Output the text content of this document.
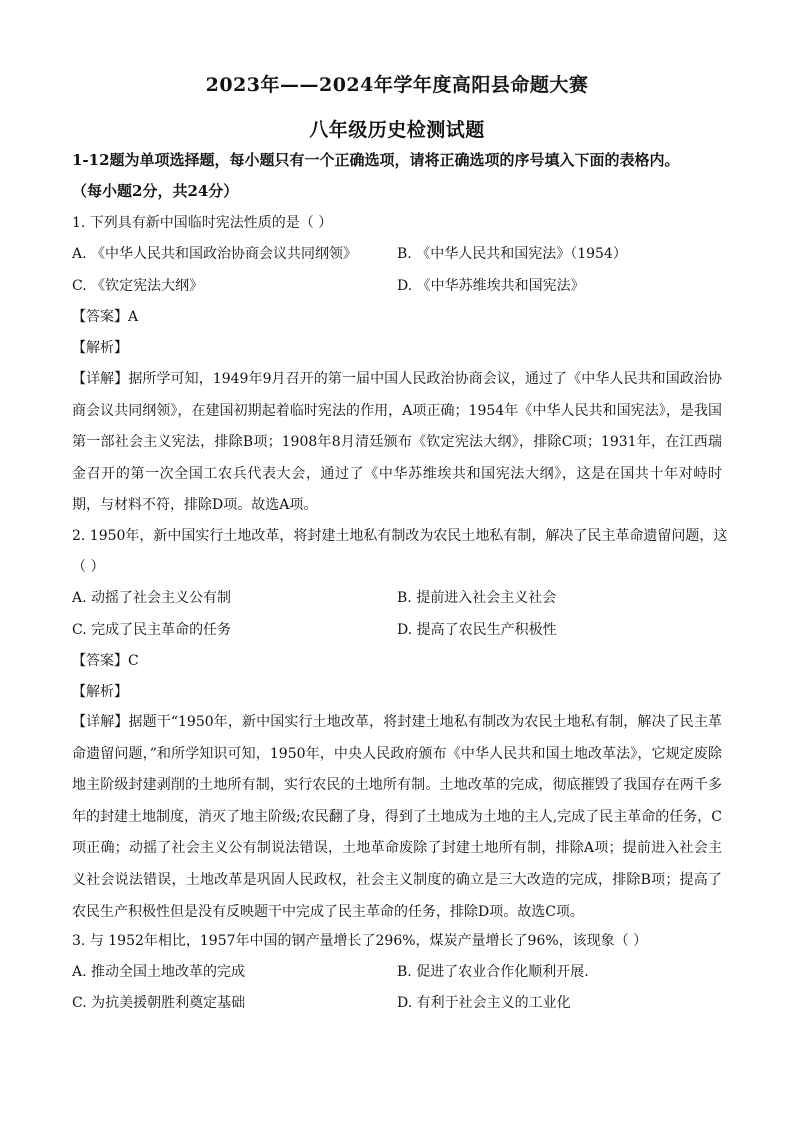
2023年——2024年学年度高阳县命题大赛
八年级历史检测试题
1-12题为单项选择题，每小题只有一个正确选项，请将正确选项的序号填入下面的表格内。
（每小题2分，共24分）
1. 下列具有新中国临时宪法性质的是（ ）
A. 《中华人民共和国政治协商会议共同纲领》	B. 《中华人民共和国宪法》（1954）
C. 《钦定宪法大纲》	D. 《中华苏维埃共和国宪法》
【答案】A
【解析】
【详解】据所学可知，1949年9月召开的第一届中国人民政治协商会议，通过了《中华人民共和国政治协商会议共同纲领》，在建国初期起着临时宪法的作用，A项正确；1954年《中华人民共和国宪法》，是我国第一部社会主义宪法，排除B项；1908年8月清廷颁布《钦定宪法大纲》，排除C项；1931年，在江西瑞金召开的第一次全国工农兵代表大会，通过了《中华苏维埃共和国宪法大纲》，这是在国共十年对峙时期，与材料不符，排除D项。故选A项。
2. 1950年，新中国实行土地改革，将封建土地私有制改为农民土地私有制，解决了民主革命遗留问题，这
（ ）
A. 动摇了社会主义公有制	B. 提前进入社会主义社会
C. 完成了民主革命的任务	D. 提高了农民生产积极性
【答案】C
【解析】
【详解】据题干“1950年，新中国实行土地改革，将封建土地私有制改为农民土地私有制，解决了民主革命遗留问题，”和所学知识可知，1950年，中央人民政府颁布《中华人民共和国土地改革法》，它规定废除地主阶级封建剥削的土地所有制，实行农民的土地所有制。土地改革的完成，彻底摧毁了我国存在两千多年的封建土地制度，消灭了地主阶级;农民翻了身，得到了土地成为土地的主人,完成了民主革命的任务，C项正确；动摇了社会主义公有制说法错误，土地革命废除了封建土地所有制，排除A项；提前进入社会主义社会说法错误，土地改革是巩固人民政权，社会主义制度的确立是三大改造的完成，排除B项；提高了农民生产积极性但是没有反映题干中完成了民主革命的任务，排除D项。故选C项。
3. 与 1952年相比，1957年中国的钢产量增长了296%，煤炭产量增长了96%，该现象（ ）
A. 推动全国土地改革的完成	B. 促进了农业合作化顺利开展.
C. 为抗美援朝胜利奠定基础	D. 有利于社会主义的工业化
